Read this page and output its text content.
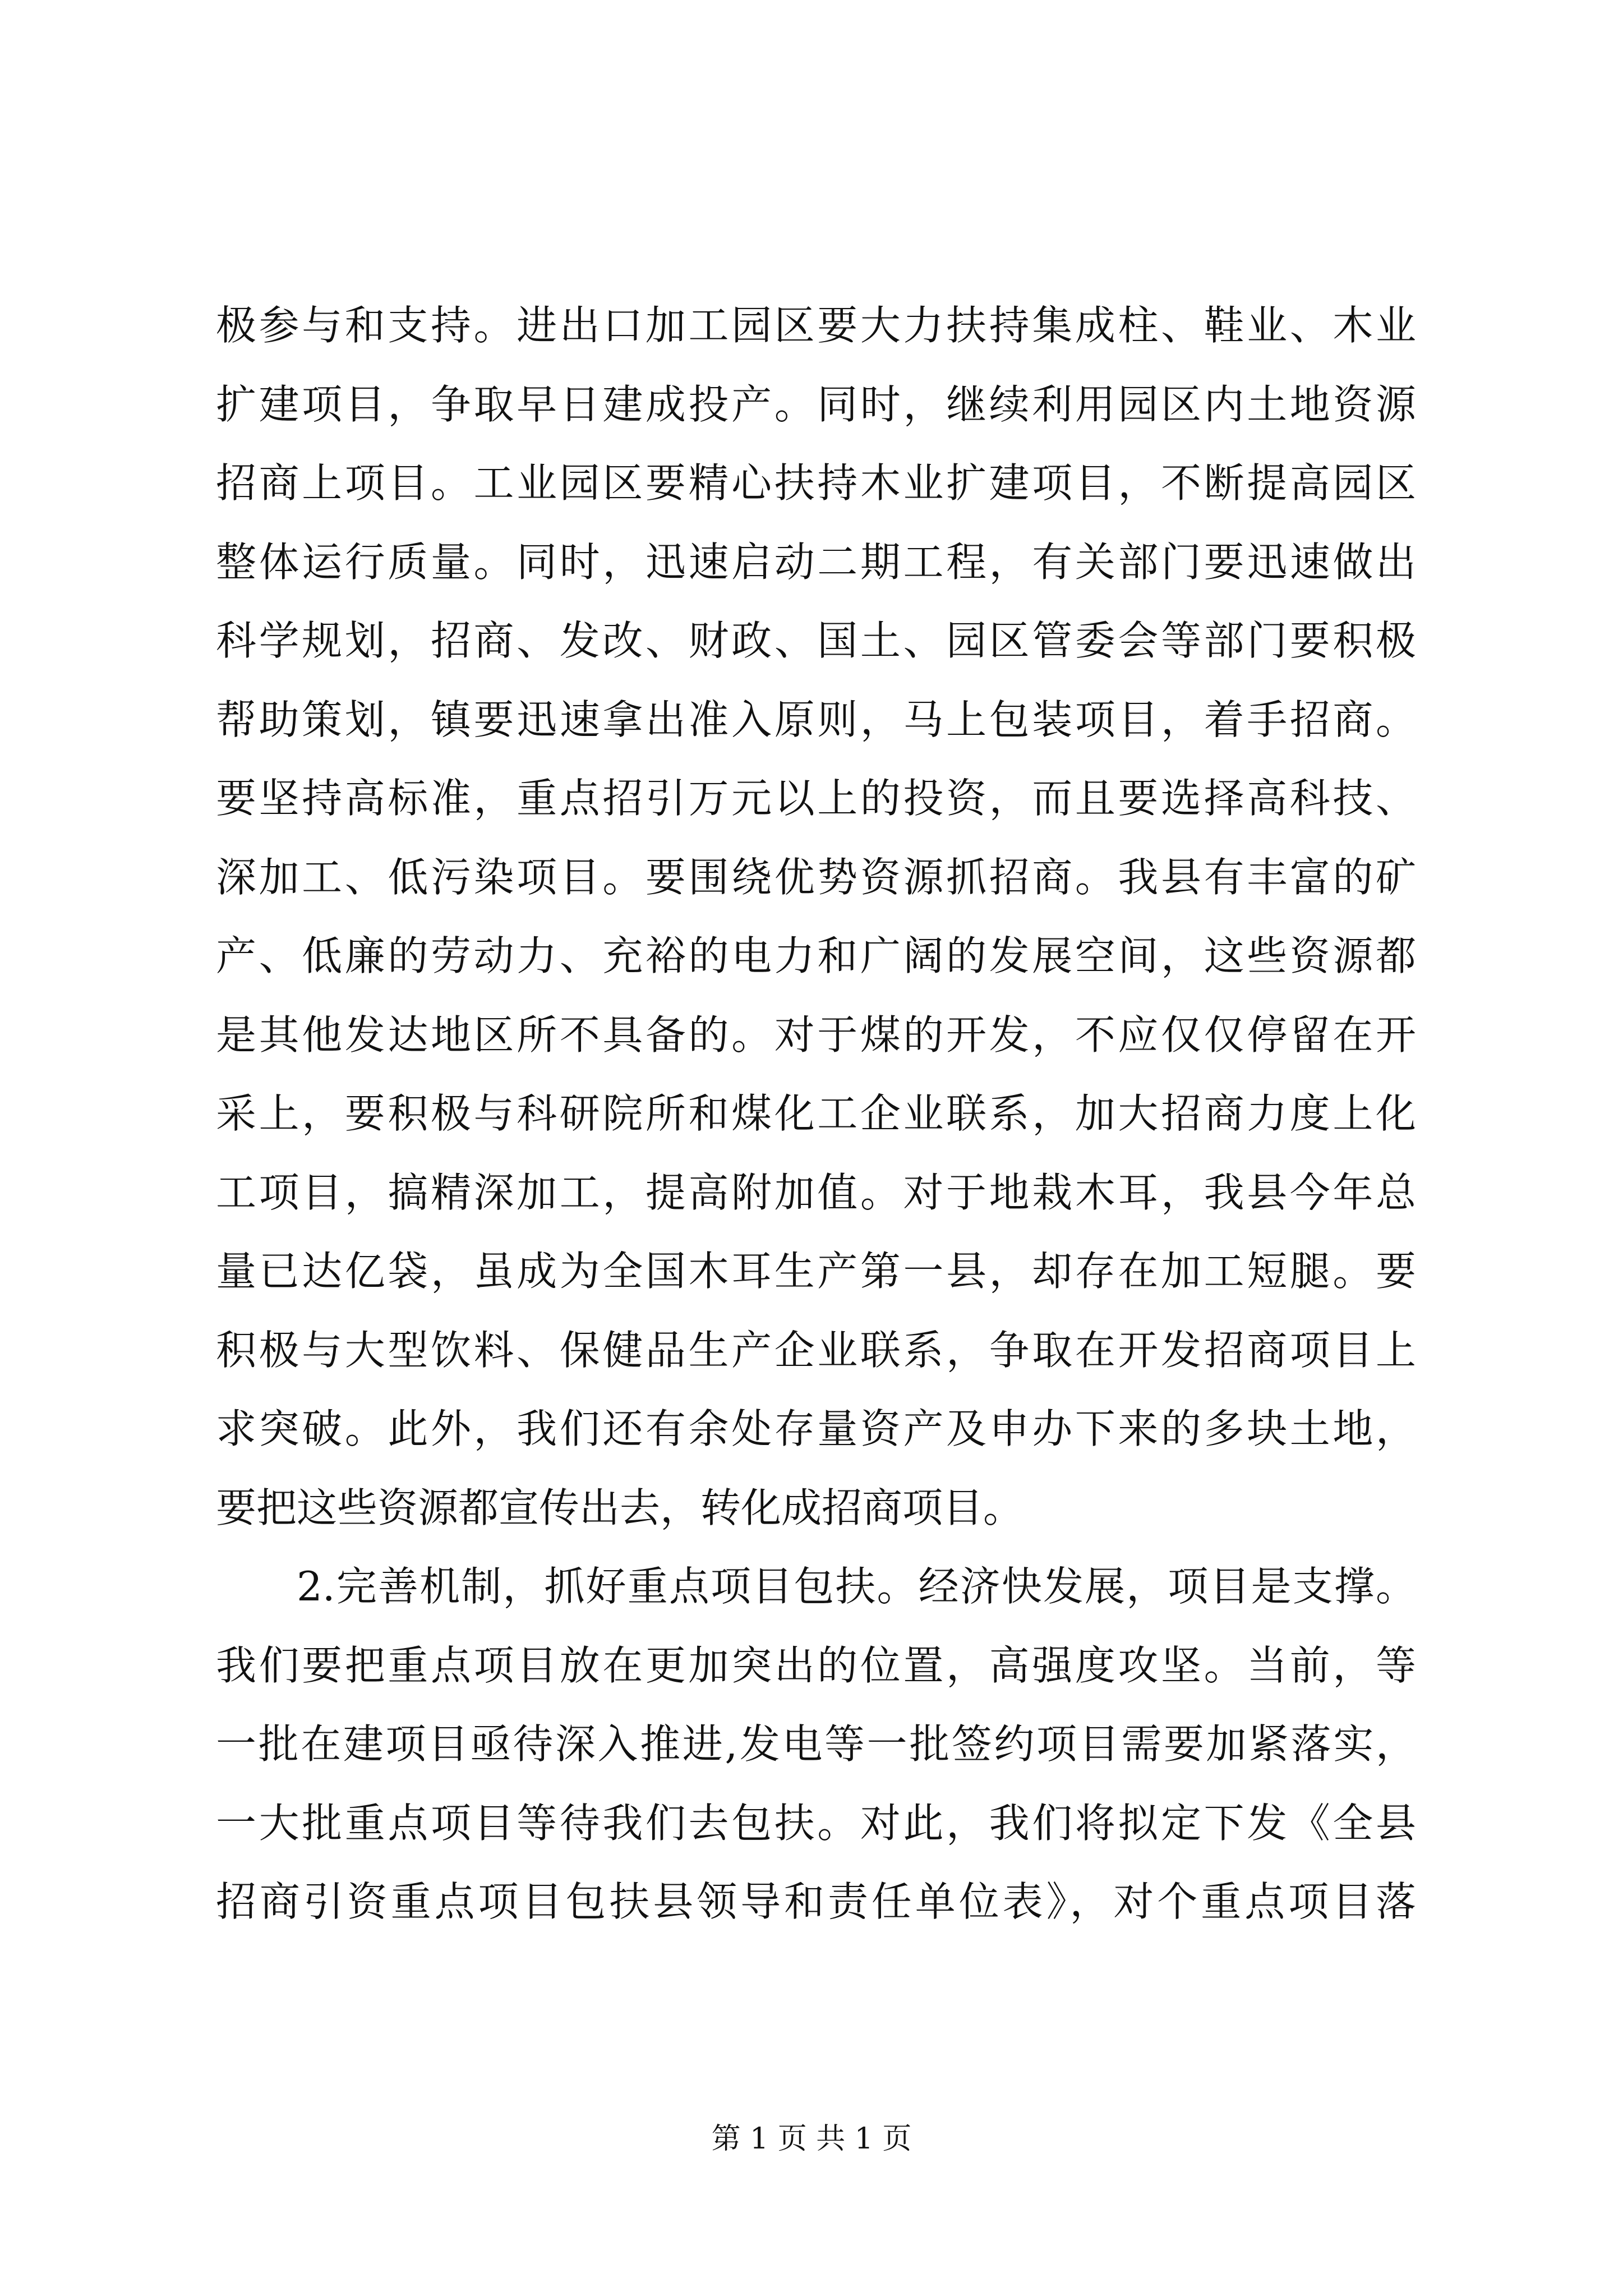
极参与和支持。进出口加工园区要大力扶持集成柱、鞋业、木业
扩建项目，争取早日建成投产。同时，继续利用园区内土地资源
招商上项目。工业园区要精心扶持木业扩建项目，不断提高园区
整体运行质量。同时，迅速启动二期工程，有关部门要迅速做出
科学规划，招商、发改、财政、国土、园区管委会等部门要积极
帮助策划，镇要迅速拿出准入原则，马上包装项目，着手招商。
要坚持高标准，重点招引万元以上的投资，而且要选择高科技、
深加工、低污染项目。要围绕优势资源抓招商。我县有丰富的矿
产、低廉的劳动力、充裕的电力和广阔的发展空间，这些资源都
是其他发达地区所不具备的。对于煤的开发，不应仅仅停留在开
采上，要积极与科研院所和煤化工企业联系，加大招商力度上化
工项目，搞精深加工，提高附加值。对于地栽木耳，我县今年总
量已达亿袋，虽成为全国木耳生产第一县，却存在加工短腿。要
积极与大型饮料、保健品生产企业联系，争取在开发招商项目上
求突破。此外，我们还有余处存量资产及申办下来的多块土地，
要把这些资源都宣传出去，转化成招商项目。
2.完善机制，抓好重点项目包扶。经济快发展，项目是支撑。
我们要把重点项目放在更加突出的位置，高强度攻坚。当前，等
一批在建项目亟待深入推进,发电等一批签约项目需要加紧落实，
一大批重点项目等待我们去包扶。对此，我们将拟定下发《全县
招商引资重点项目包扶县领导和责任单位表》，对个重点项目落
第 1 页 共 1 页
